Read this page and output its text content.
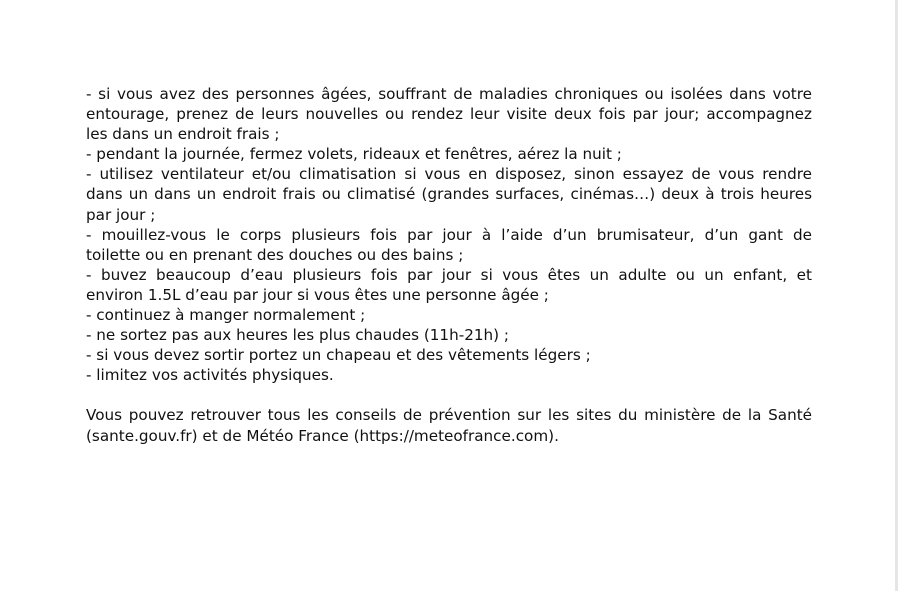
- si vous avez des personnes âgées, souffrant de maladies chroniques ou isolées dans votre
entourage, prenez de leurs nouvelles ou rendez leur visite deux fois par jour; accompagnez
les dans un endroit frais ;
- pendant la journée, fermez volets, rideaux et fenêtres, aérez la nuit ;
- utilisez ventilateur et/ou climatisation si vous en disposez, sinon essayez de vous rendre
dans un dans un endroit frais ou climatisé (grandes surfaces, cinémas…) deux à trois heures
par jour ;
- mouillez-vous le corps plusieurs fois par jour à l’aide d’un brumisateur, d’un gant de
toilette ou en prenant des douches ou des bains ;
- buvez beaucoup d’eau plusieurs fois par jour si vous êtes un adulte ou un enfant, et
environ 1.5L d’eau par jour si vous êtes une personne âgée ;
- continuez à manger normalement ;
- ne sortez pas aux heures les plus chaudes (11h-21h) ;
- si vous devez sortir portez un chapeau et des vêtements légers ;
- limitez vos activités physiques.
Vous pouvez retrouver tous les conseils de prévention sur les sites du ministère de la Santé
(sante.gouv.fr) et de Météo France (https://meteofrance.com).
